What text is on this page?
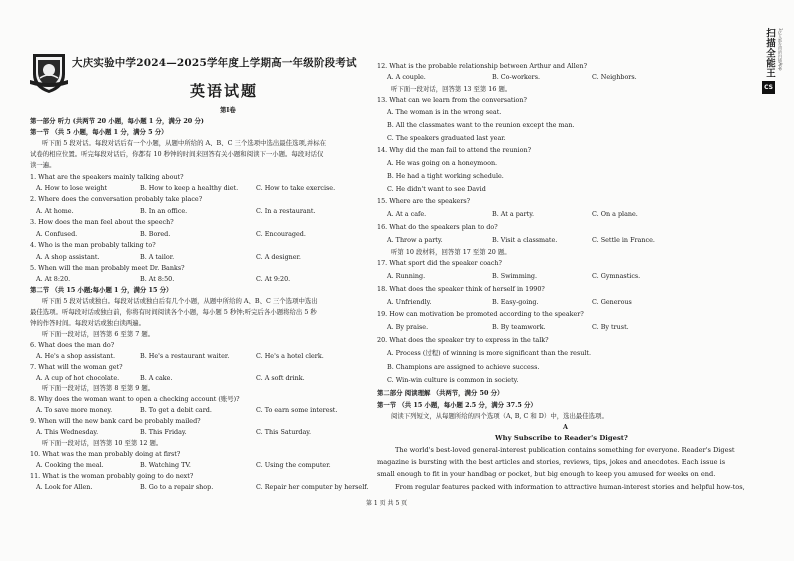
大庆实验中学2024—2025学年度上学期高一年级阶段考试
英语试题
第I卷
第一部分 听力 (共两节 20 小题，每小题 1 分，满分 20 分)
第一节 （共 5 小题，每小题 1 分，满分 5 分）
听下面 5 段对话。每段对话后有一个小题，从题中所给的 A、B、C 三个选项中选出最佳选项,并标在
试卷的相应位置。听完每段对话后，你都有 10 秒钟的时间来回答有关小题和阅读下一小题。每段对话仅
读一遍。
1. What are the speakers mainly talking about?
A. How to lose weight	B. How to keep a healthy diet.	C. How to take exercise.
2. Where does the conversation probably take place?
A. At home.	B. In an office.	C. In a restaurant.
3. How does the man feel about the speech?
A. Confused.	B. Bored.	C. Encouraged.
4. Who is the man probably talking to?
A. A shop assistant.	B. A tailor.	C. A designer.
5. When will the man probably meet Dr. Banks?
A. At 8:20.	B. At 8:50.	C. At 9:20.
第二节 （共 15 小题;每小题 1 分，满分 15 分）
听下面 5 段对话或独白。每段对话或独白后有几个小题，从题中所给的 A、B、C 三个选项中选出
最佳选项。听每段对话或独白前，你将有时间阅读各个小题，每小题 5 秒钟;听完后各小题将给出 5 秒
钟的作答时间。每段对话或独白读两遍。
听下面一段对话，回答第 6 至第 7 题。
6. What does the man do?
A. He's a shop assistant.	B. He's a restaurant waiter.	C. He's a hotel clerk.
7. What will the woman get?
A. A cup of hot chocolate.	B. A cake.	C. A soft drink.
听下面一段对话，回答第 8 至第 9 题。
8. Why does the woman want to open a checking account (账号)?
A. To save more money.	B. To get a debit card.	C. To earn some interest.
9. When will the new bank card be probably mailed?
A. This Wednesday.	B. This Friday.	C. This Saturday.
听下面一段对话，回答第 10 至第 12 题。
10. What was the man probably doing at first?
A. Cooking the meal.	B. Watching TV.	C. Using the computer.
11. What is the woman probably going to do next?
A. Look for Allen.	B. Go to a repair shop.	C. Repair her computer by herself.
12. What is the probable relationship between Arthur and Allen?
A. A couple.	B. Co-workers.	C. Neighbors.
听下面一段对话，回答第 13 至第 16 题。
13. What can we learn from the conversation?
A. The woman is in the wrong seat.
B. All the classmates want to the reunion except the man.
C. The speakers graduated last year.
14. Why did the man fail to attend the reunion?
A. He was going on a honeymoon.
B. He had a tight working schedule.
C. He didn't want to see David
15. Where are the speakers?
A. At a cafe.	B. At a party.	C. On a plane.
16. What do the speakers plan to do?
A. Throw a party.	B. Visit a classmate.	C. Settle in France.
听第 10 段材料，回答第 17 至第 20 题。
17. What sport did the speaker coach?
A. Running.	B. Swimming.	C. Gymnastics.
18. What does the speaker think of herself in 1990?
A. Unfriendly.	B. Easy-going.	C. Generous
19. How can motivation be promoted according to the speaker?
A. By praise.	B. By teamwork.	C. By trust.
20. What does the speaker try to express in the talk?
A. Process (过程) of winning is more significant than the result.
B. Champions are assigned to achieve success.
C. Win-win culture is common in society.
第二部分 阅读理解 （共两节，满分 50 分）
第一节 （共 15 小题，每小题 2.5 分，满分 37.5 分）
阅读下列短文，从每题所给的四个选项（A, B, C 和 D）中，选出最佳选项。
A
Why Subscribe to Reader's Digest?
The world's best-loved general-interest publication contains something for everyone. Reader's Digest
magazine is bursting with the best articles and stories, reviews, tips, jokes and anecdotes. Each issue is
small enough to fit in your handbag or pocket, but big enough to keep you amused for weeks on end.
From regular features packed with information to attractive human-interest stories and helpful how-tos,
第 1 页 共 5 页
扫描全能王
CS
3亿人都在用的扫描App
